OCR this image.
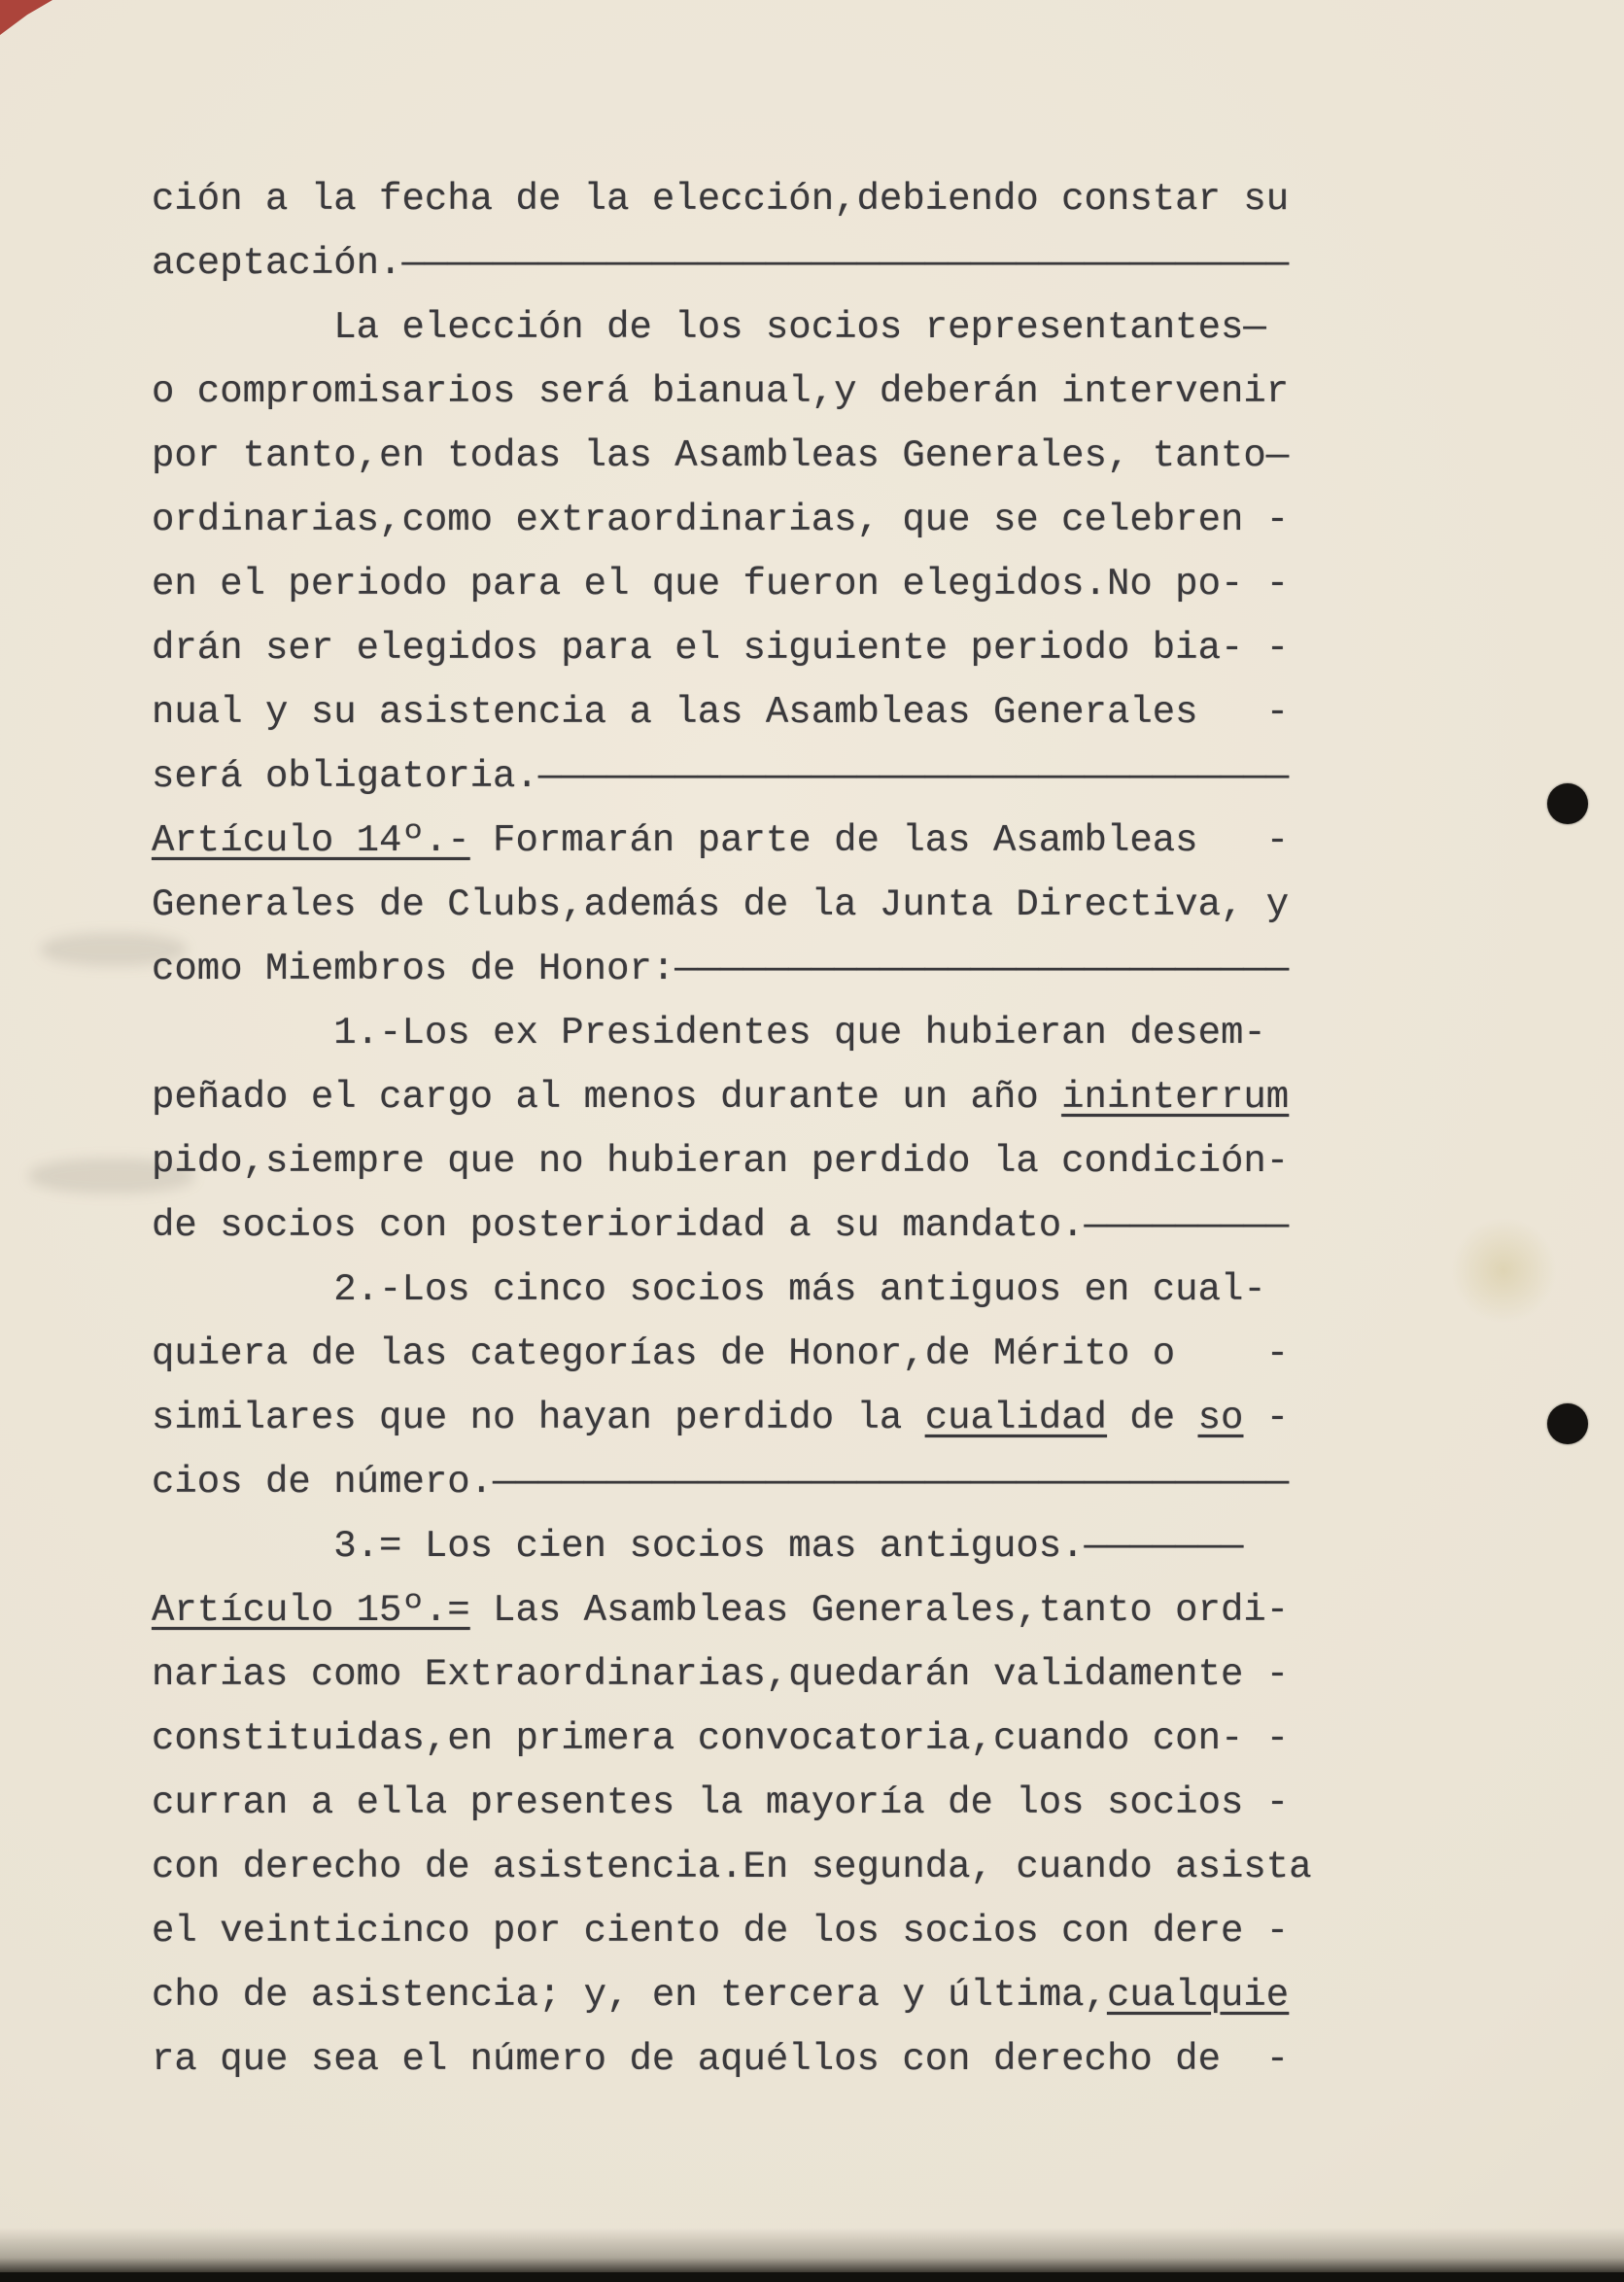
ción a la fecha de la elección,debiendo constar su
aceptación.———————————————————————————————————————
La elección de los socios representantes—
o compromisarios será bianual,y deberán intervenir
por tanto,en todas las Asambleas Generales, tanto—
ordinarias,como extraordinarias, que se celebren -
en el periodo para el que fueron elegidos.No po- -
drán ser elegidos para el siguiente periodo bia- -
nual y su asistencia a las Asambleas Generales   -
será obligatoria.—————————————————————————————————
Artículo 14º.- Formarán parte de las Asambleas   -
Generales de Clubs,además de la Junta Directiva, y
como Miembros de Honor:———————————————————————————
1.-Los ex Presidentes que hubieran desem-
peñado el cargo al menos durante un año ininterrum
pido,siempre que no hubieran perdido la condición-
de socios con posterioridad a su mandato.—————————
2.-Los cinco socios más antiguos en cual-
quiera de las categorías de Honor,de Mérito o    -
similares que no hayan perdido la cualidad de so -
cios de número.———————————————————————————————————
3.= Los cien socios mas antiguos.———————
Artículo 15º.= Las Asambleas Generales,tanto ordi-
narias como Extraordinarias,quedarán validamente -
constituidas,en primera convocatoria,cuando con- -
curran a ella presentes la mayoría de los socios -
con derecho de asistencia.En segunda, cuando asista
el veinticinco por ciento de los socios con dere -
cho de asistencia; y, en tercera y última,cualquie
ra que sea el número de aquéllos con derecho de  -
